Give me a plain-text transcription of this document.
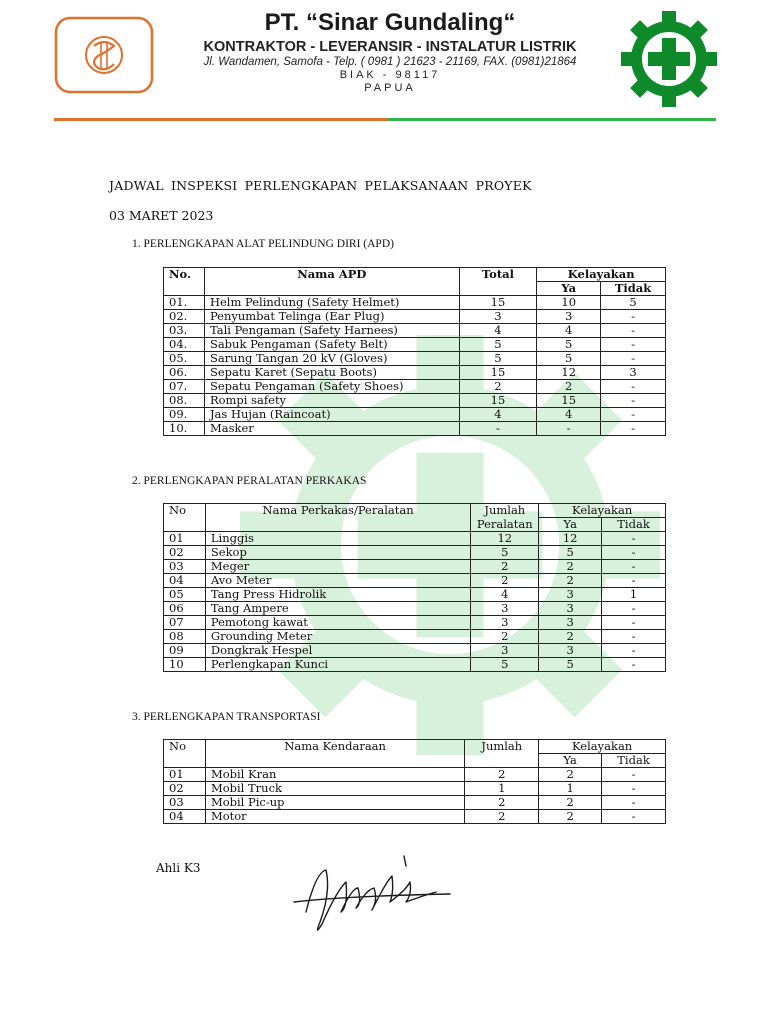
PT. “Sinar Gundaling“
KONTRAKTOR - LEVERANSIR - INSTALATUR LISTRIK
Jl. Wandamen, Samofa - Telp. ( 0981 ) 21623 - 21169, FAX. (0981)21864
BIAK - 98117
PAPUA
JADWAL INSPEKSI PERLENGKAPAN PELAKSANAAN PROYEK
03 MARET 2023
1. PERLENGKAPAN ALAT PELINDUNG DIRI (APD)
No.	Nama APD	Total	Kelayakan	
			Ya	Tidak
01.	Helm Pelindung (Safety Helmet)	15	10	5
02.	Penyumbat Telinga (Ear Plug)	3	3	-
03.	Tali Pengaman (Safety Harnees)	4	4	-
04.	Sabuk Pengaman (Safety Belt)	5	5	-
05.	Sarung Tangan 20 kV (Gloves)	5	5	-
06.	Sepatu Karet (Sepatu Boots)	15	12	3
07.	Sepatu Pengaman (Safety Shoes)	2	2	-
08.	Rompi safety	15	15	-
09.	Jas Hujan (Raincoat)	4	4	-
10.	Masker	-	-	-
2. PERLENGKAPAN PERALATAN PERKAKAS
No	Nama Perkakas/Peralatan	Jumlah	Kelayakan	
		Peralatan	Ya	Tidak
01	Linggis	12	12	-
02	Sekop	5	5	-
03	Meger	2	2	-
04	Avo Meter	2	2	-
05	Tang Press Hidrolik	4	3	1
06	Tang Ampere	3	3	-
07	Pemotong kawat	3	3	-
08	Grounding Meter	2	2	-
09	Dongkrak Hespel	3	3	-
10	Perlengkapan Kunci	5	5	-
3. PERLENGKAPAN TRANSPORTASI
No	Nama Kendaraan	Jumlah	Kelayakan	
			Ya	Tidak
01	Mobil Kran	2	2	-
02	Mobil Truck	1	1	-
03	Mobil Pic-up	2	2	-
04	Motor	2	2	-
Ahli K3
